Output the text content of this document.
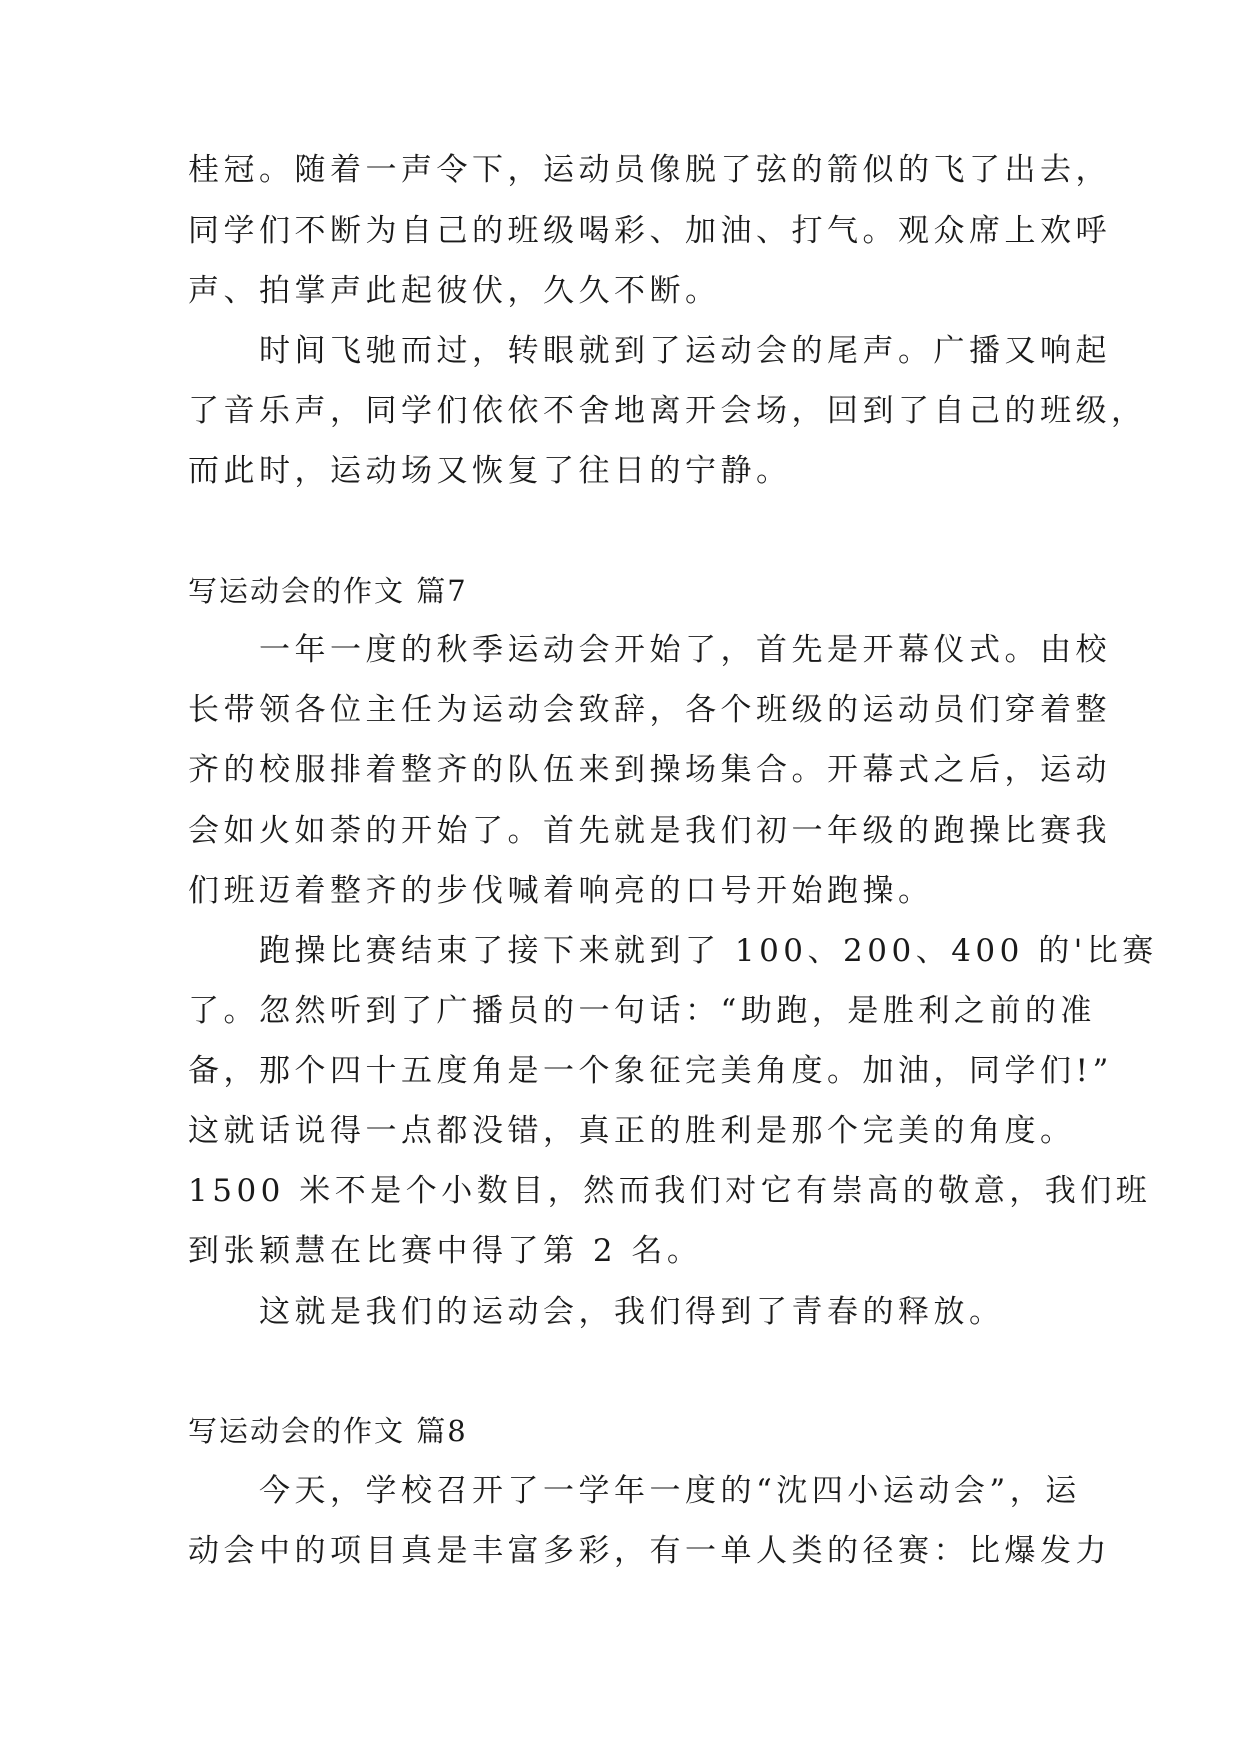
桂冠。随着一声令下，运动员像脱了弦的箭似的飞了出去，
同学们不断为自己的班级喝彩、加油、打气。观众席上欢呼
声、拍掌声此起彼伏，久久不断。
　　时间飞驰而过，转眼就到了运动会的尾声。广播又响起
了音乐声，同学们依依不舍地离开会场，回到了自己的班级，
而此时，运动场又恢复了往日的宁静。
写运动会的作文 篇7
　　一年一度的秋季运动会开始了，首先是开幕仪式。由校
长带领各位主任为运动会致辞，各个班级的运动员们穿着整
齐的校服排着整齐的队伍来到操场集合。开幕式之后，运动
会如火如荼的开始了。首先就是我们初一年级的跑操比赛我
们班迈着整齐的步伐喊着响亮的口号开始跑操。
　　跑操比赛结束了接下来就到了 100、200、400 的'比赛
了。忽然听到了广播员的一句话：“助跑，是胜利之前的准
备，那个四十五度角是一个象征完美角度。加油，同学们!”
这就话说得一点都没错，真正的胜利是那个完美的角度。
1500 米不是个小数目，然而我们对它有崇高的敬意，我们班
到张颖慧在比赛中得了第 2 名。
　　这就是我们的运动会，我们得到了青春的释放。
写运动会的作文 篇8
　　今天，学校召开了一学年一度的“沈四小运动会”，运
动会中的项目真是丰富多彩，有一单人类的径赛：比爆发力
